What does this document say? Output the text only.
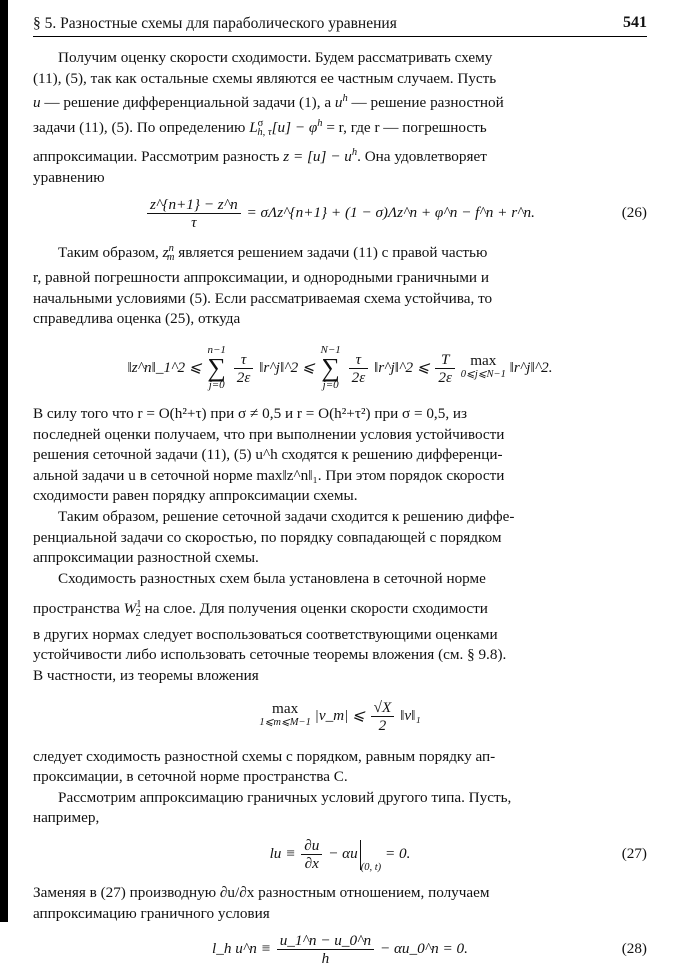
§ 5. Разностные схемы для параболического уравнения	541

Получим оценку скорости сходимости. Будем рассматривать схему

(11), (5), так как остальные схемы являются ее частным случаем. Пусть

u — решение дифференциальной задачи (1), а $u^h$ — решение разностной

задачи (11), (5). По определению $L^\sigma_{h, \tau}[u] - \varphi^h = r$, где r — погрешность

аппроксимации. Рассмотрим разность $z = [u] - u^h$. Она удовлетворяет

уравнению

$\frac{z\^{}\{n+1\} - z\^{}n}{\tau}$ = σΛz^{n+1} + (1 − σ)Λz^n + φ^n − f^n + r^n.	(26)

Таким образом, $z^n_m$ является решением задачи (11) с правой частью

r, равной погрешности аппроксимации, и однородными граничными и

начальными условиями (5). Если рассматриваемая схема устойчива, то

справедлива оценка (25), откуда

‖z^n‖_1^2 ⩽
n−1
∑
j=0
$\frac{\tau}{2\varepsilon}$ ‖r^j‖^2 ⩽
N−1
∑
j=0
$\frac{\tau}{2\varepsilon}$ ‖r^j‖^2 ⩽ $\frac{T}{2\varepsilon}$ max
0⩽j⩽N−1 ‖r^j‖^2.

В силу того что r = O(h²+τ) при σ ≠ 0,5 и r = O(h²+τ²) при σ = 0,5, из

последней оценки получаем, что при выполнении условия устойчивости

решения сеточной задачи (11), (5) u^h сходятся к решению дифференци-

альной задачи u в сеточной норме max‖z^n‖₁. При этом порядок скорости

сходимости равен порядку аппроксимации схемы.

Таким образом, решение сеточной задачи сходится к решению диффе-

ренциальной задачи со скоростью, по порядку совпадающей с порядком

аппроксимации разностной схемы.

Сходимость разностных схем была установлена в сеточной норме

пространства $W^1_2$ на слое. Для получения оценки скорости сходимости

в других нормах следует воспользоваться соответствующими оценками

устойчивости либо использовать сеточные теоремы вложения (см. § 9.8).

В частности, из теоремы вложения

max
1⩽m⩽M−1 |v_m| ⩽ $\frac{√X}{2}$ ‖v‖₁

следует сходимость разностной схемы с порядком, равным порядку ап-

проксимации, в сеточной норме пространства C.

Рассмотрим аппроксимацию граничных условий другого типа. Пусть,

например,

lu ≡ $\frac{\partial u}{\partial x} - \alpha u_{(0, t)} = 0$.	(27)

Заменяя в (27) производную ∂u/∂x разностным отношением, получаем

аппроксимацию граничного условия

l_h u^n ≡ $\frac{u\_1\^{}n - u\_0\^{}n}{h}$ − αu_0^n = 0.	(28)
